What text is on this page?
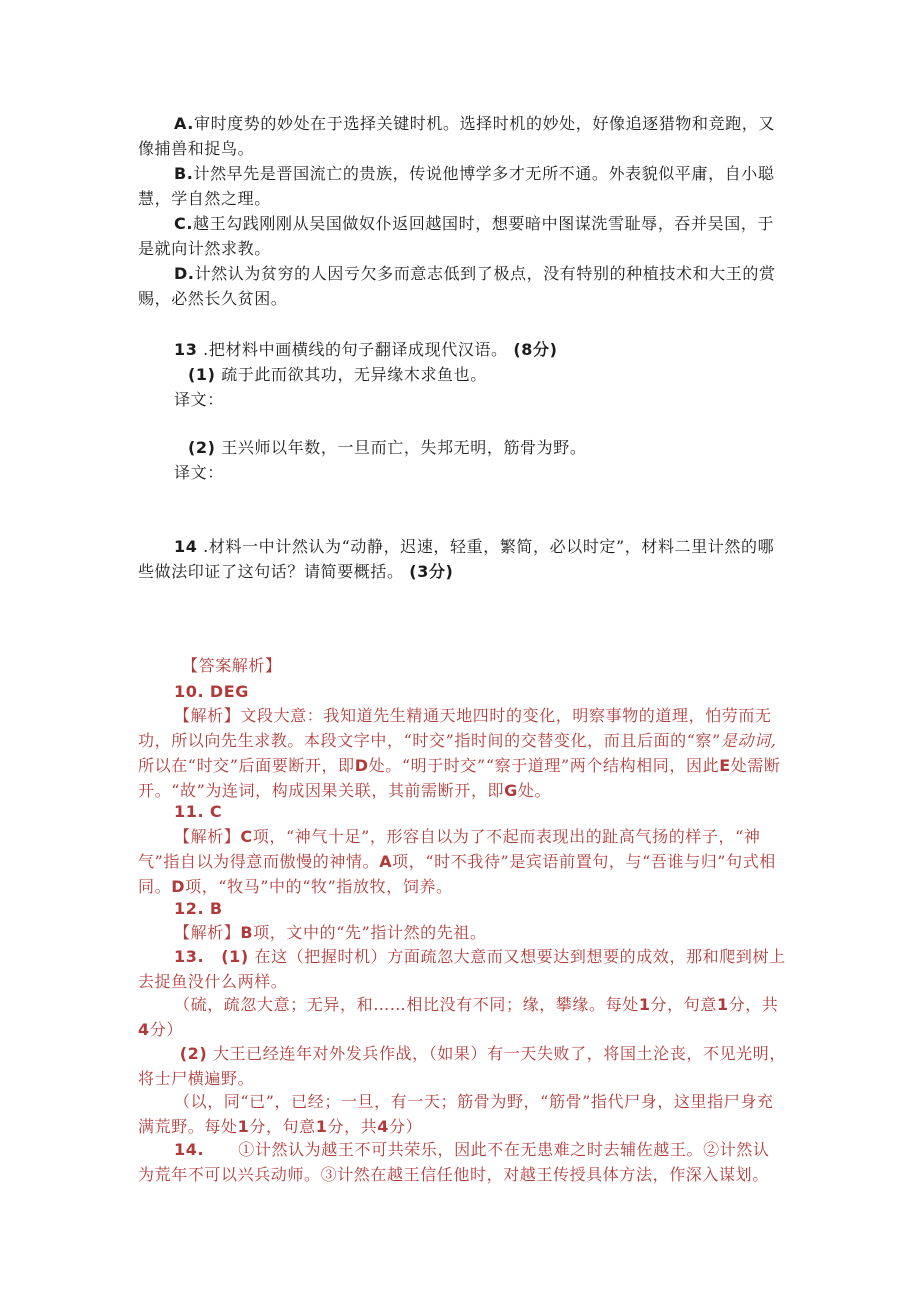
A.审时度势的妙处在于选择关键时机。选择时机的妙处，好像追逐猎物和竞跑，又像捕兽和捉鸟。

B.计然早先是晋国流亡的贵族，传说他博学多才无所不通。外表貌似平庸，自小聪慧，学自然之理。

C.越王勾践刚刚从吴国做奴仆返回越国时，想要暗中图谋洗雪耻辱，吞并吴国，于是就向计然求教。

D.计然认为贫穷的人因亏欠多而意志低到了极点，没有特别的种植技术和大王的赏赐，必然长久贫困。

13 .把材料中画横线的句子翻译成现代汉语。 (8分)

(1) 疏于此而欲其功，无异缘木求鱼也。
译文：
(2) 王兴师以年数，一旦而亡，失邦无明，筋骨为野。
译文：

14 .材料一中计然认为“动静，迟速，轻重，繁简，必以时定”，材料二里计然的哪些做法印证了这句话？请简要概括。 (3分)

【答案解析】
10. DEG

【解析】文段大意：我知道先生精通天地四时的变化，明察事物的道理，怕劳而无功，所以向先生求教。本段文字中，“时交”指时间的交替变化，而且后面的“察”是动词,所以在“时交”后面要断开，即D处。“明于时交”“察于道理”两个结构相同，因此E处需断开。“故”为连词，构成因果关联，其前需断开，即G处。

11. C

【解析】C项，“神气十足”，形容自以为了不起而表现出的趾高气扬的样子，“神气”指自以为得意而傲慢的神情。A项，“时不我待”是宾语前置句，与“吾谁与归”句式相同。D项，“牧马”中的“牧”指放牧，饲养。

12. B
【解析】B项，文中的“先”指计然的先祖。

13. (1) 在这（把握时机）方面疏忽大意而又想要达到想要的成效，那和爬到树上去捉鱼没什么两样。

（硫，疏忽大意；无异，和……相比没有不同；缘，攀缘。每处1分，句意1分，共4分）

(2) 大王已经连年对外发兵作战，（如果）有一天失败了，将国土沦丧，不见光明，将士尸横遍野。

（以，同“已”，已经；一旦，有一天；筋骨为野，“筋骨”指代尸身，这里指尸身充满荒野。每处1分，句意1分，共4分）

14. ①计然认为越王不可共荣乐，因此不在无患难之时去辅佐越王。②计然认为荒年不可以兴兵动师。③计然在越王信任他时，对越王传授具体方法，作深入谋划。
